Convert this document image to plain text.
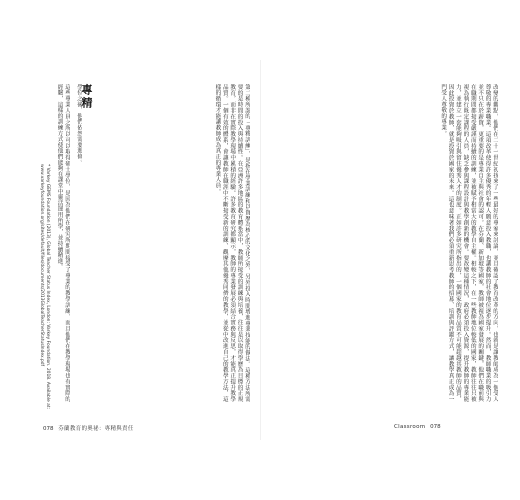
第二種所謂的「專精訓練」，是指在學業訓練和以資歷為核心的文化之外，另外投入時間增進專業技能的做法。這種方法所需要的是時間的投入與持續性。在亞洲許多地區的教育體系當中，教師所接受的訓練與培養，往往是以取得學歷為目標的正規教育，而非在實際教學現場中累積的經驗。許多教育研究都顯示，教師的專業發展必須結合實務與反思，才能真正提升教學品質。一個有效的體系，會讓教師在職涯中不斷接受新的訓練、觀摩其他優秀同儕的教學，並從中改進自己的教學方法，這樣的循環才能讓教師成為真正的專業人員。
專精
學位之後，他們依然需要進修。
這些專業人員之所以可以取得碩士學位，是因為他們在研究所期間接受了專業的教學訓練，而且他們在教學現場也有實際的經驗，這樣的訓練方式使他們能夠在課堂中靈活運用所學，並持續精進。
* Varkey GEMS Foundation (2013), Global Teacher Status Index, London: Varkey Foundation. 2018. Available at: www.varkeyfoundation.org/sites/default/files/documents/2013GlobalTeacherStatusIndex.pdf	改變的觀點，他們在二十一世紀初找來了一些最好的專家來討論，並且確認了教育改革的方向，也就是讓教師成為一個受人尊敬的專業職業。這項改革使得許多優秀的年輕人願意投入教職，也讓教師的社會地位逐步提升。然而，教師職業的吸引力並不只在於薪資，更重要的是專業自主與社會的認可。在芬蘭、新加坡等國家，教師被視為國家發展的關鍵，他們在職前與在職期間都接受嚴謹而持續的訓練，並被賦予相當大的教學自主權。相較之下，在一些教師地位較低的國家，教師往往只被視為執行既定課程的人員，缺乏參與課程設計與教學創新的機會。要改變這種情況，政府必須投入資源，提升教師的專業能力，並建立一套能夠吸引與留住優秀人才的制度。正如許多研究所指出的，一個國家的教育品質不可能超越其教師的品質，因此投資於教師，就是投資於國家的未來。這也意味著我們必須重新思考教師的招募、培訓與評鑑方式，讓教學真正成為一門受人尊敬的專業。
078 芬蘭教育的奧祕：專精與責任	Classroom 078
